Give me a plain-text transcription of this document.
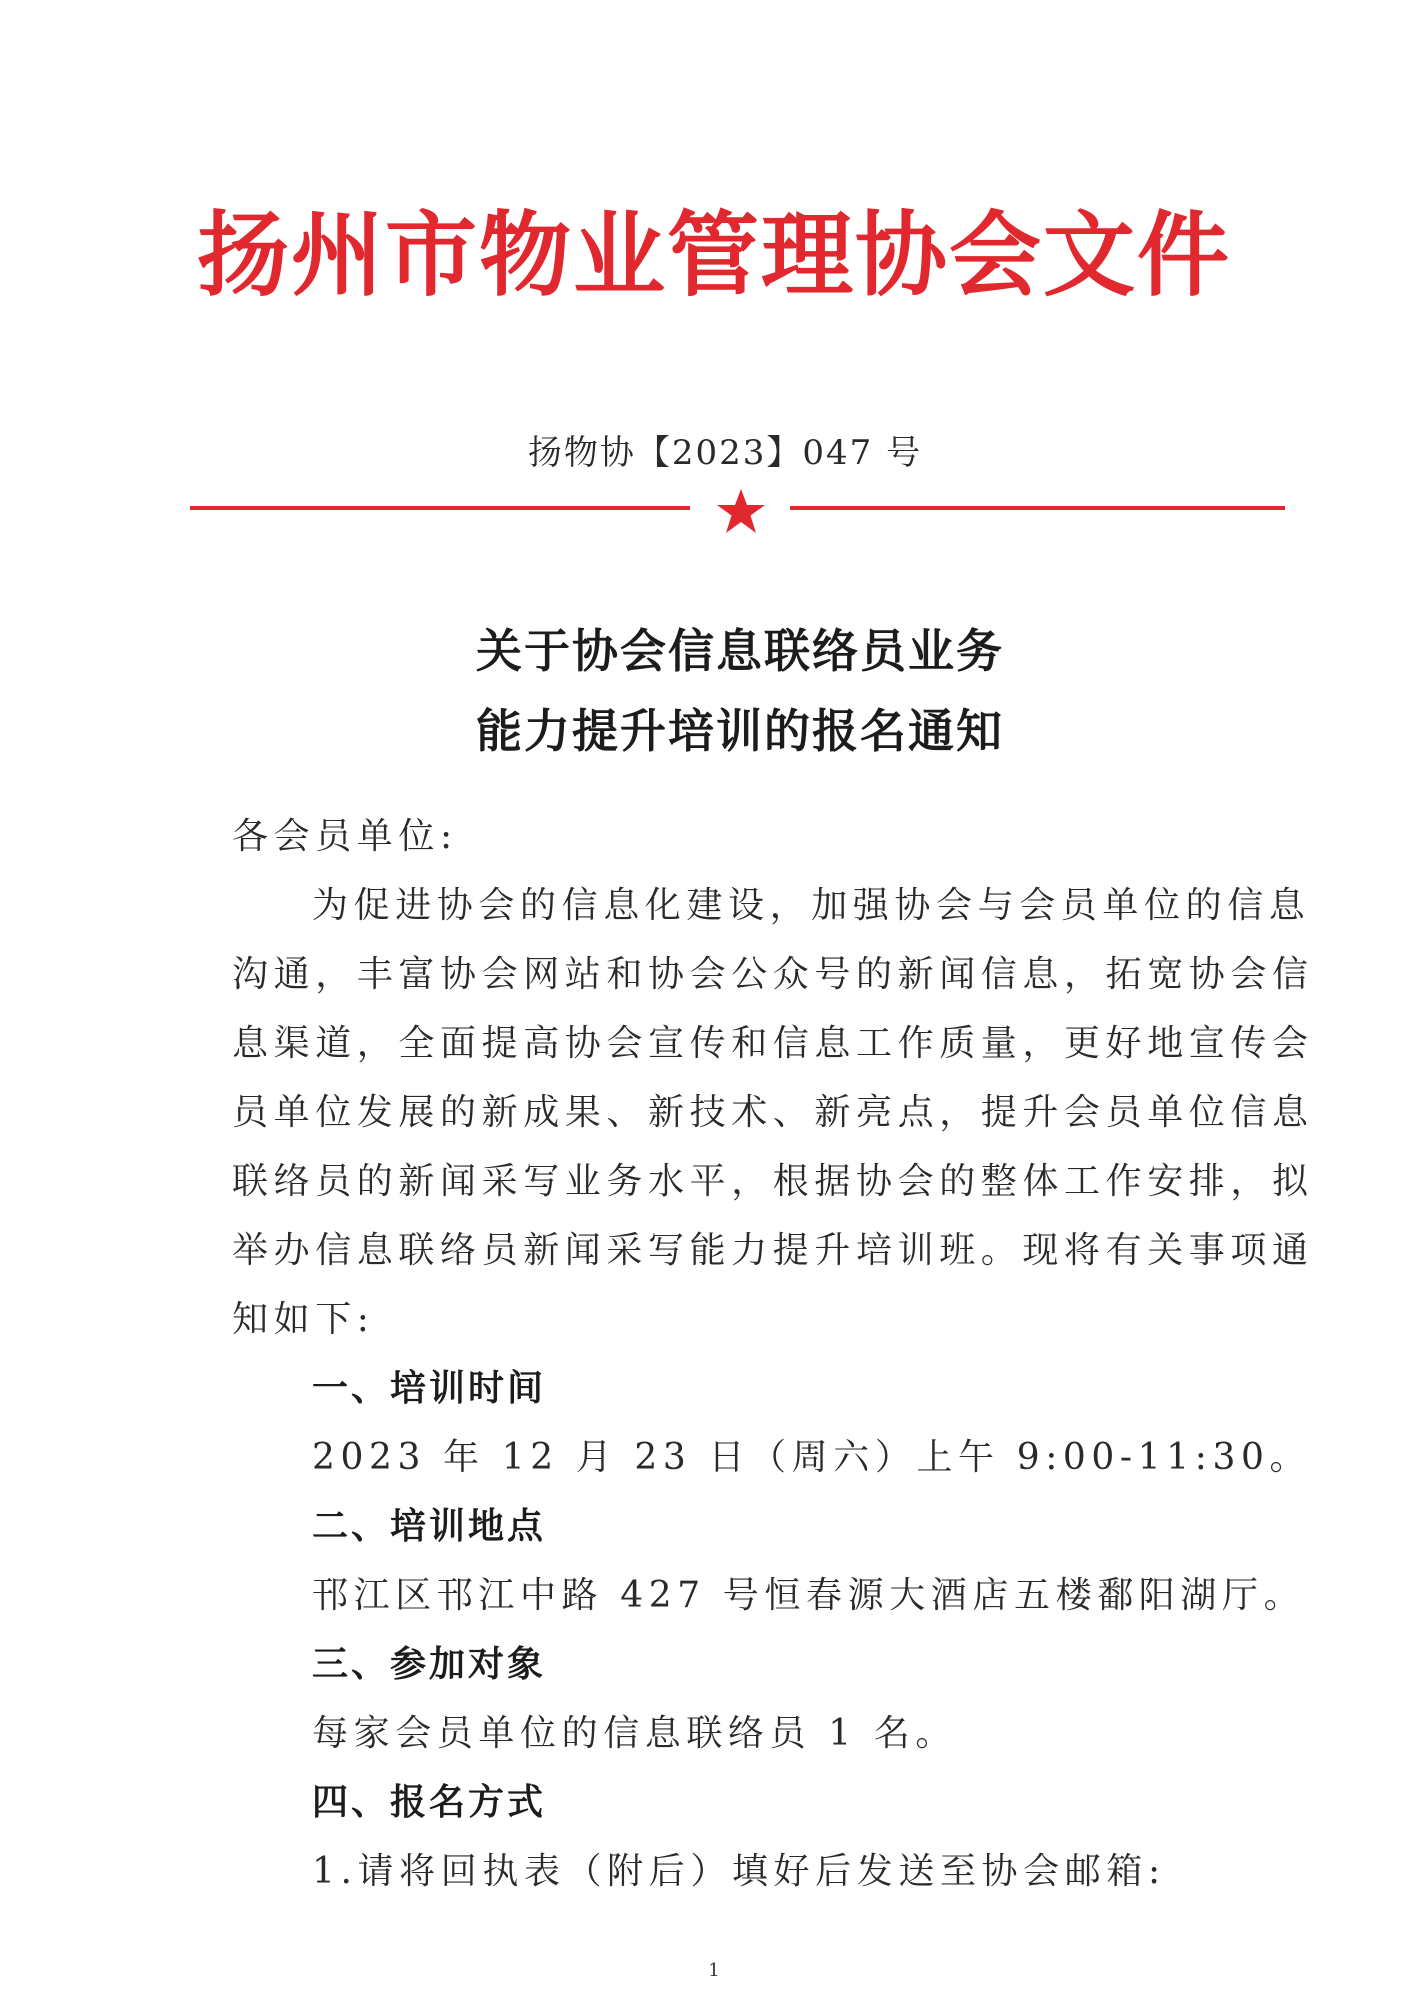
扬州市物业管理协会文件
扬物协【2023】047 号
关于协会信息联络员业务
能力提升培训的报名通知
各会员单位:
为促进协会的信息化建设，加强协会与会员单位的信息
沟通，丰富协会网站和协会公众号的新闻信息，拓宽协会信
息渠道，全面提高协会宣传和信息工作质量，更好地宣传会
员单位发展的新成果、新技术、新亮点，提升会员单位信息
联络员的新闻采写业务水平，根据协会的整体工作安排，拟
举办信息联络员新闻采写能力提升培训班。现将有关事项通
知如下:
一、培训时间
2023 年 12 月 23 日（周六）上午 9:00-11:30。
二、培训地点
邗江区邗江中路 427 号恒春源大酒店五楼鄱阳湖厅。
三、参加对象
每家会员单位的信息联络员 1 名。
四、报名方式
1.请将回执表（附后）填好后发送至协会邮箱:
1
